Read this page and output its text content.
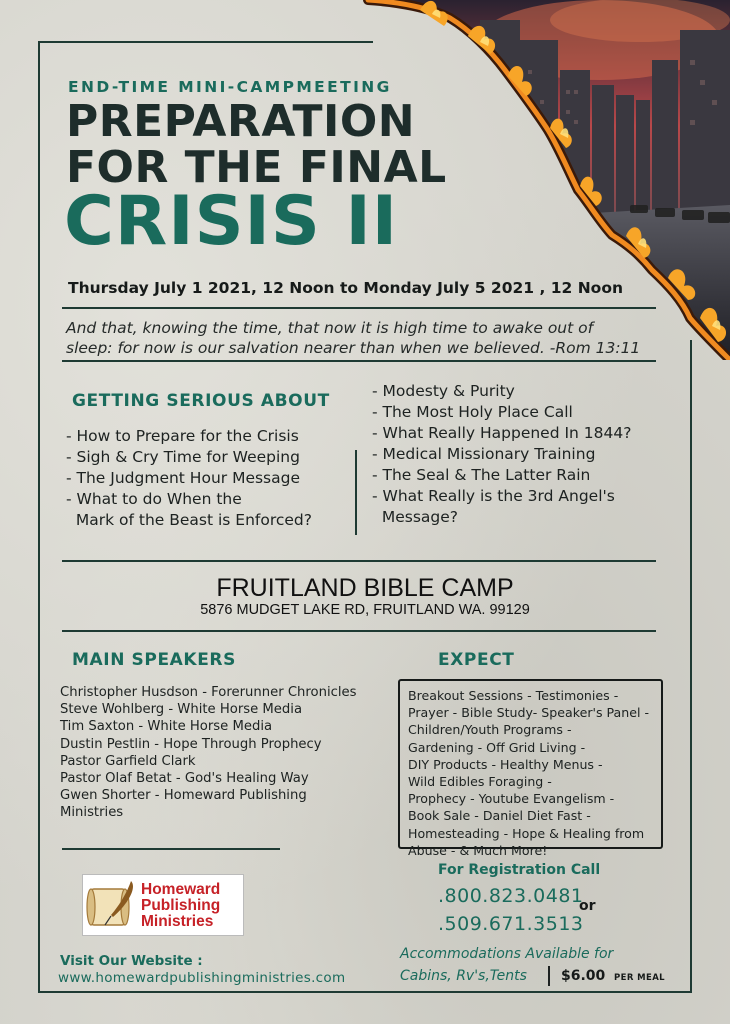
END-TIME MINI-CAMPMEETING
PREPARATION
FOR THE FINAL
CRISIS II
Thursday July 1 2021, 12 Noon to Monday July 5 2021 , 12 Noon
And that, knowing the time, that now it is high time to awake out of
sleep: for now is our salvation nearer than when we believed. -Rom 13:11
GETTING SERIOUS ABOUT
- How to Prepare for the Crisis
- Sigh & Cry Time for Weeping
- The Judgment Hour Message
- What to do When the
Mark of the Beast is Enforced?
- Modesty & Purity
- The Most Holy Place Call
- What Really Happened In 1844?
- Medical Missionary Training
- The Seal & The Latter Rain
- What Really is the 3rd Angel's
Message?
FRUITLAND BIBLE CAMP
5876 MUDGET LAKE RD, FRUITLAND WA. 99129
MAIN SPEAKERS	EXPECT
Christopher Husdson - Forerunner Chronicles
Steve Wohlberg - White Horse Media
Tim Saxton - White Horse Media
Dustin Pestlin - Hope Through Prophecy
Pastor Garfield Clark
Pastor Olaf Betat - God's Healing Way
Gwen Shorter - Homeward Publishing
Ministries
Breakout Sessions - Testimonies -
Prayer - Bible Study- Speaker's Panel -
Children/Youth Programs -
Gardening - Off Grid Living -
DIY Products - Healthy Menus -
Wild Edibles Foraging -
Prophecy - Youtube Evangelism -
Book Sale - Daniel Diet Fast -
Homesteading - Hope & Healing from
Abuse - & Much More!
Homeward
Publishing
Ministries
Visit Our Website :
www.homewardpublishingministries.com
For Registration Call
.800.823.0481
or
.509.671.3513
Accommodations Available for
Cabins, Rv's,Tents $6.00 PER MEAL
